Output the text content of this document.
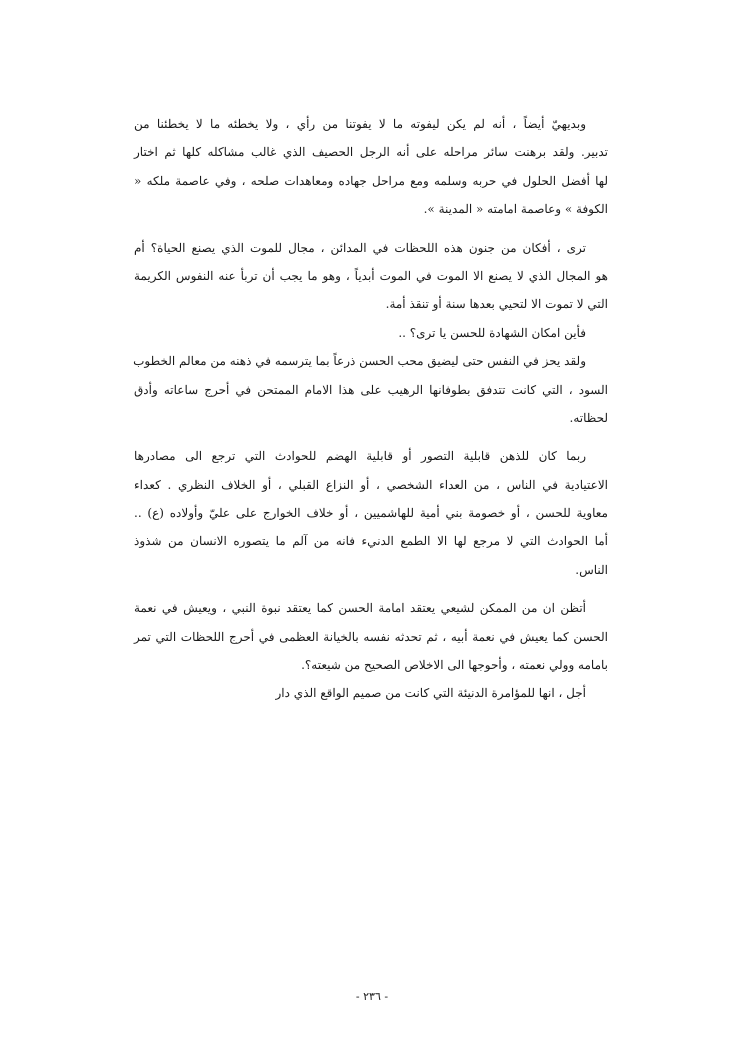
وبديهيّ أيضاً ، أنه لم يكن ليفوته ما لا يفوتنا من رأي ، ولا يخطئه ما لا يخطئنا من
تدبير. ولقد برهنت سائر مراحله على أنه الرجل الحصيف الذي غالب مشاكله كلها ثم اختار
لها أفضل الحلول في حربه وسلمه ومع مراحل جهاده ومعاهدات صلحه ، وفي عاصمة ملكه «
الكوفة » وعاصمة امامته « المدينة ».
ترى ، أفكان من جنون هذه اللحظات في المدائن ، مجال للموت الذي يصنع الحياة؟ أم
هو المجال الذي لا يصنع الا الموت في الموت أبدياً ، وهو ما يجب أن تربأ عنه النفوس الكريمة
التي لا تموت الا لتحيي بعدها سنة أو تنقذ أمة.
فأين امكان الشهادة للحسن يا ترى؟ ..
ولقد يحز في النفس حتى ليضيق محب الحسن ذرعاً بما يترسمه في ذهنه من معالم الخطوب
السود ، التي كانت تتدفق بطوفانها الرهيب على هذا الامام الممتحن في أحرج ساعاته وأدق
لحظاته.
ربما كان للذهن قابلية التصور أو قابلية الهضم للحوادث التي ترجع الى مصادرها
الاعتيادية في الناس ، من العداء الشخصي ، أو النزاع القبلي ، أو الخلاف النظري . كعداء
معاوية للحسن ، أو خصومة بني أمية للهاشميين ، أو خلاف الخوارج على عليّ وأولاده (ع) ..
أما الحوادث التي لا مرجع لها الا الطمع الدنيء فانه من آلم ما يتصوره الانسان من شذوذ
الناس.
أتظن ان من الممكن لشيعي يعتقد امامة الحسن كما يعتقد نبوة النبي ، ويعيش في نعمة
الحسن كما يعيش في نعمة أبيه ، ثم تحدثه نفسه بالخيانة العظمى في أحرج اللحظات التي تمر
بامامه وولي نعمته ، وأحوجها الى الاخلاص الصحيح من شيعته؟.
أجل ، انها للمؤامرة الدنيئة التي كانت من صميم الواقع الذي دار
- ٢٣٦ -
